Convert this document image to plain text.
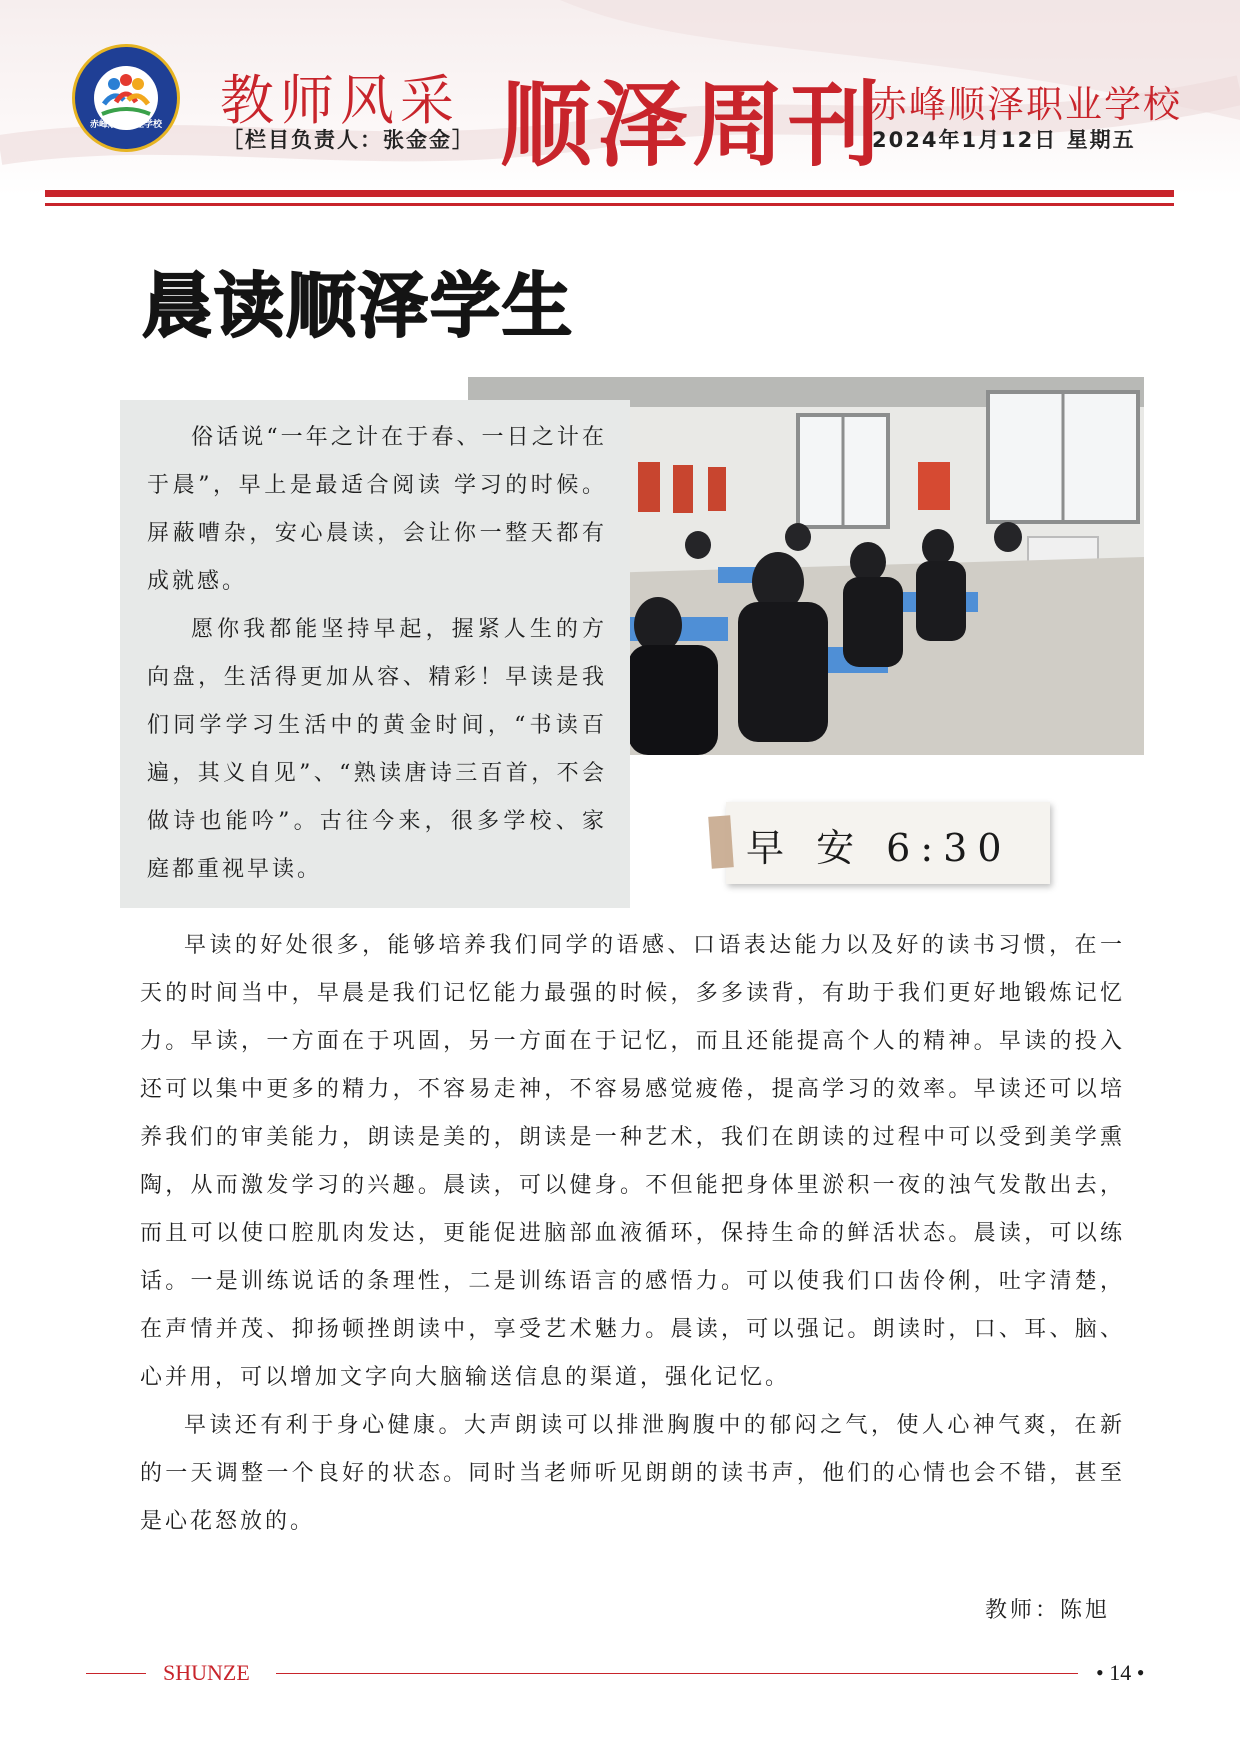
赤峰顺泽职业学校 教师风采
［栏目负责人：张金金］ 顺泽周刊
赤峰顺泽职业学校
2024年1月12日 星期五
晨读顺泽学生

俗话说“一年之计在于春、一日之计在于晨”，早上是最适合阅读 学习的时候。屏蔽嘈杂，安心晨读，会让你一整天都有成就感。

愿你我都能坚持早起，握紧人生的方向盘，生活得更加从容、精彩！早读是我们同学学习生活中的黄金时间，“书读百遍，其义自见”、“熟读唐诗三百首，不会做诗也能吟”。古往今来，很多学校、家庭都重视早读。	早 安 6:30

早读的好处很多，能够培养我们同学的语感、口语表达能力以及好的读书习惯，在一天的时间当中，早晨是我们记忆能力最强的时候，多多读背，有助于我们更好地锻炼记忆力。早读，一方面在于巩固，另一方面在于记忆，而且还能提高个人的精神。早读的投入还可以集中更多的精力，不容易走神，不容易感觉疲倦，提高学习的效率。早读还可以培养我们的审美能力，朗读是美的，朗读是一种艺术，我们在朗读的过程中可以受到美学熏陶，从而激发学习的兴趣。晨读，可以健身。不但能把身体里淤积一夜的浊气发散出去，而且可以使口腔肌肉发达，更能促进脑部血液循环，保持生命的鲜活状态。晨读，可以练话。一是训练说话的条理性，二是训练语言的感悟力。可以使我们口齿伶俐，吐字清楚，在声情并茂、抑扬顿挫朗读中，享受艺术魅力。晨读，可以强记。朗读时，口、耳、脑、心并用，可以增加文字向大脑输送信息的渠道，强化记忆。

早读还有利于身心健康。大声朗读可以排泄胸腹中的郁闷之气，使人心神气爽，在新的一天调整一个良好的状态。同时当老师听见朗朗的读书声，他们的心情也会不错，甚至是心花怒放的。

教师：陈旭
SHUNZE	• 14 •
